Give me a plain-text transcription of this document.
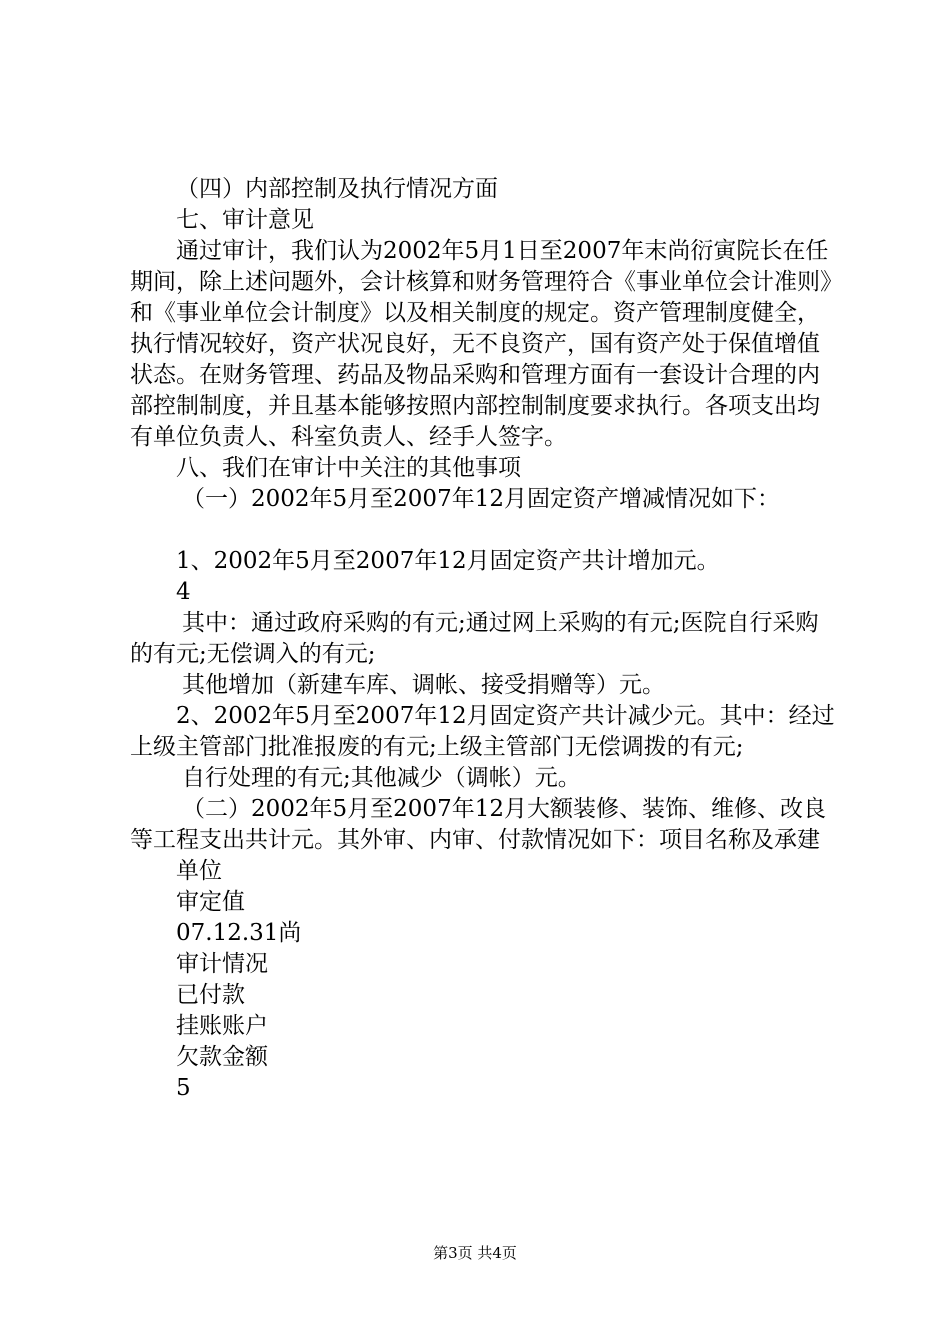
（四）内部控制及执行情况方面

七、审计意见

通过审计，我们认为2002年5月1日至2007年末尚衍寅院长在任期间，除上述问题外，会计核算和财务管理符合《事业单位会计准则》和《事业单位会计制度》以及相关制度的规定。资产管理制度健全，执行情况较好，资产状况良好，无不良资产，国有资产处于保值增值状态。在财务管理、药品及物品采购和管理方面有一套设计合理的内部控制制度，并且基本能够按照内部控制制度要求执行。各项支出均有单位负责人、科室负责人、经手人签字。

八、我们在审计中关注的其他事项

（一）2002年5月至2007年12月固定资产增减情况如下：

1、2002年5月至2007年12月固定资产共计增加元。

4

其中：通过政府采购的有元;通过网上采购的有元;医院自行采购的有元;无偿调入的有元;

其他增加（新建车库、调帐、接受捐赠等）元。

2、2002年5月至2007年12月固定资产共计减少元。其中：经过上级主管部门批准报废的有元;上级主管部门无偿调拨的有元;

自行处理的有元;其他减少（调帐）元。

（二）2002年5月至2007年12月大额装修、装饰、维修、改良等工程支出共计元。其外审、内审、付款情况如下：项目名称及承建

单位

审定值

07.12.31尚

审计情况

已付款

挂账账户

欠款金额

5

第3页 共4页
